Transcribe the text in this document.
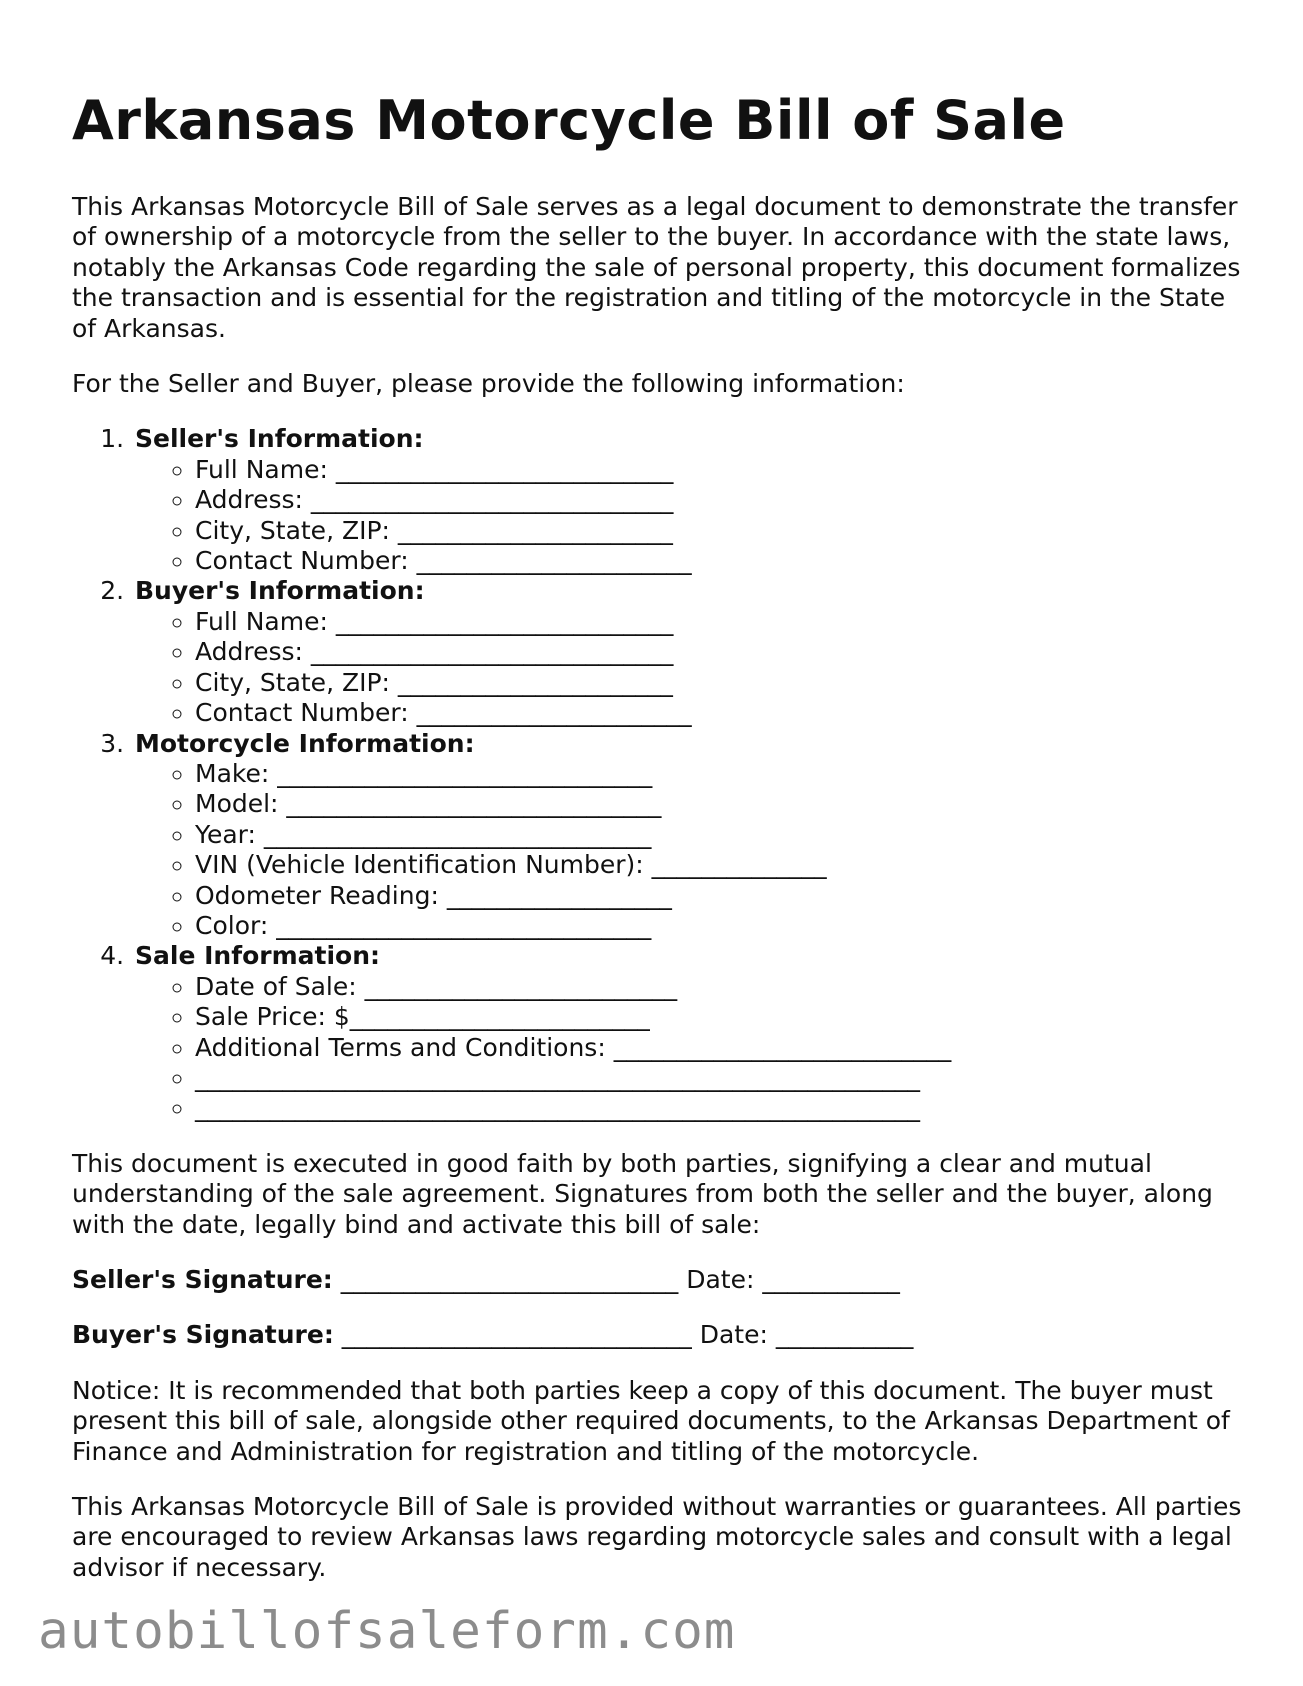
Arkansas Motorcycle Bill of Sale

This Arkansas Motorcycle Bill of Sale serves as a legal document to demonstrate the transfer of ownership of a motorcycle from the seller to the buyer. In accordance with the state laws, notably the Arkansas Code regarding the sale of personal property, this document formalizes the transaction and is essential for the registration and titling of the motorcycle in the State of Arkansas.

For the Seller and Buyer, please provide the following information:

1. Seller's Information:
◦ Full Name: ___________________________
◦ Address: _____________________________
◦ City, State, ZIP: ______________________
◦ Contact Number: ______________________
2. Buyer's Information:
◦ Full Name: ___________________________
◦ Address: _____________________________
◦ City, State, ZIP: ______________________
◦ Contact Number: ______________________
3. Motorcycle Information:
◦ Make: ______________________________
◦ Model: ______________________________
◦ Year: _______________________________
◦ VIN (Vehicle Identification Number): ______________
◦ Odometer Reading: __________________
◦ Color: ______________________________
4. Sale Information:
◦ Date of Sale: _________________________
◦ Sale Price: $________________________
◦ Additional Terms and Conditions: ___________________________
◦ __________________________________________________________
◦ __________________________________________________________

This document is executed in good faith by both parties, signifying a clear and mutual understanding of the sale agreement. Signatures from both the seller and the buyer, along with the date, legally bind and activate this bill of sale:

Seller's Signature: ___________________________ Date: ___________

Buyer's Signature: ____________________________ Date: ___________

Notice: It is recommended that both parties keep a copy of this document. The buyer must present this bill of sale, alongside other required documents, to the Arkansas Department of Finance and Administration for registration and titling of the motorcycle.

This Arkansas Motorcycle Bill of Sale is provided without warranties or guarantees. All parties are encouraged to review Arkansas laws regarding motorcycle sales and consult with a legal advisor if necessary.

autobillofsaleform.com
